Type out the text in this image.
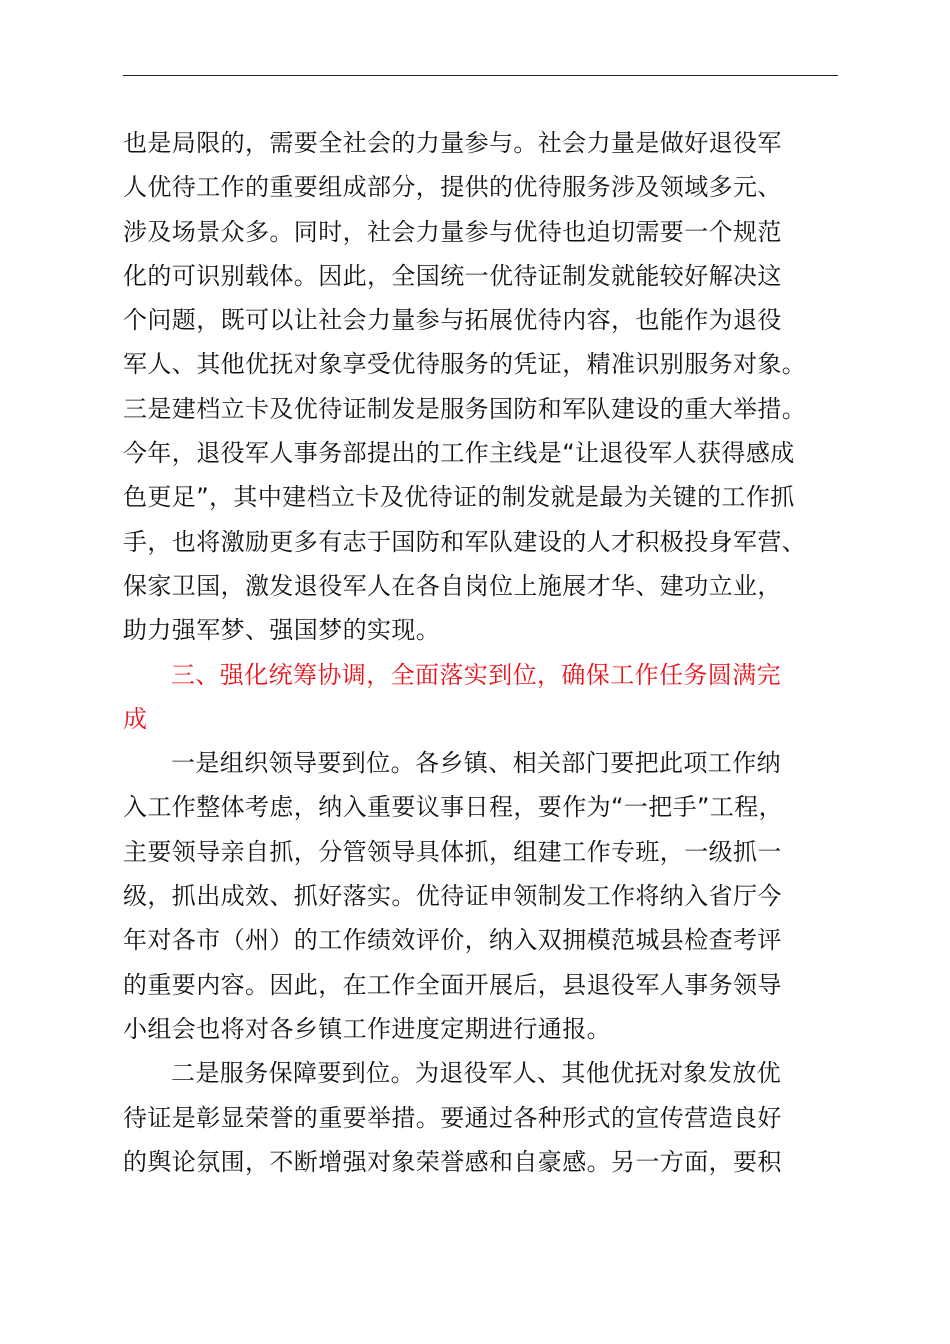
也是局限的，需要全社会的力量参与。社会力量是做好退役军
人优待工作的重要组成部分，提供的优待服务涉及领域多元、
涉及场景众多。同时，社会力量参与优待也迫切需要一个规范
化的可识别载体。因此，全国统一优待证制发就能较好解决这
个问题，既可以让社会力量参与拓展优待内容，也能作为退役
军人、其他优抚对象享受优待服务的凭证，精准识别服务对象。
三是建档立卡及优待证制发是服务国防和军队建设的重大举措。
今年，退役军人事务部提出的工作主线是“让退役军人获得感成
色更足”，其中建档立卡及优待证的制发就是最为关键的工作抓
手，也将激励更多有志于国防和军队建设的人才积极投身军营、
保家卫国，激发退役军人在各自岗位上施展才华、建功立业，
助力强军梦、强国梦的实现。
三、强化统筹协调，全面落实到位，确保工作任务圆满完
成
一是组织领导要到位。各乡镇、相关部门要把此项工作纳
入工作整体考虑，纳入重要议事日程，要作为“一把手”工程，
主要领导亲自抓，分管领导具体抓，组建工作专班，一级抓一
级，抓出成效、抓好落实。优待证申领制发工作将纳入省厅今
年对各市（州）的工作绩效评价，纳入双拥模范城县检查考评
的重要内容。因此，在工作全面开展后，县退役军人事务领导
小组会也将对各乡镇工作进度定期进行通报。
二是服务保障要到位。为退役军人、其他优抚对象发放优
待证是彰显荣誉的重要举措。要通过各种形式的宣传营造良好
的舆论氛围，不断增强对象荣誉感和自豪感。另一方面，要积
